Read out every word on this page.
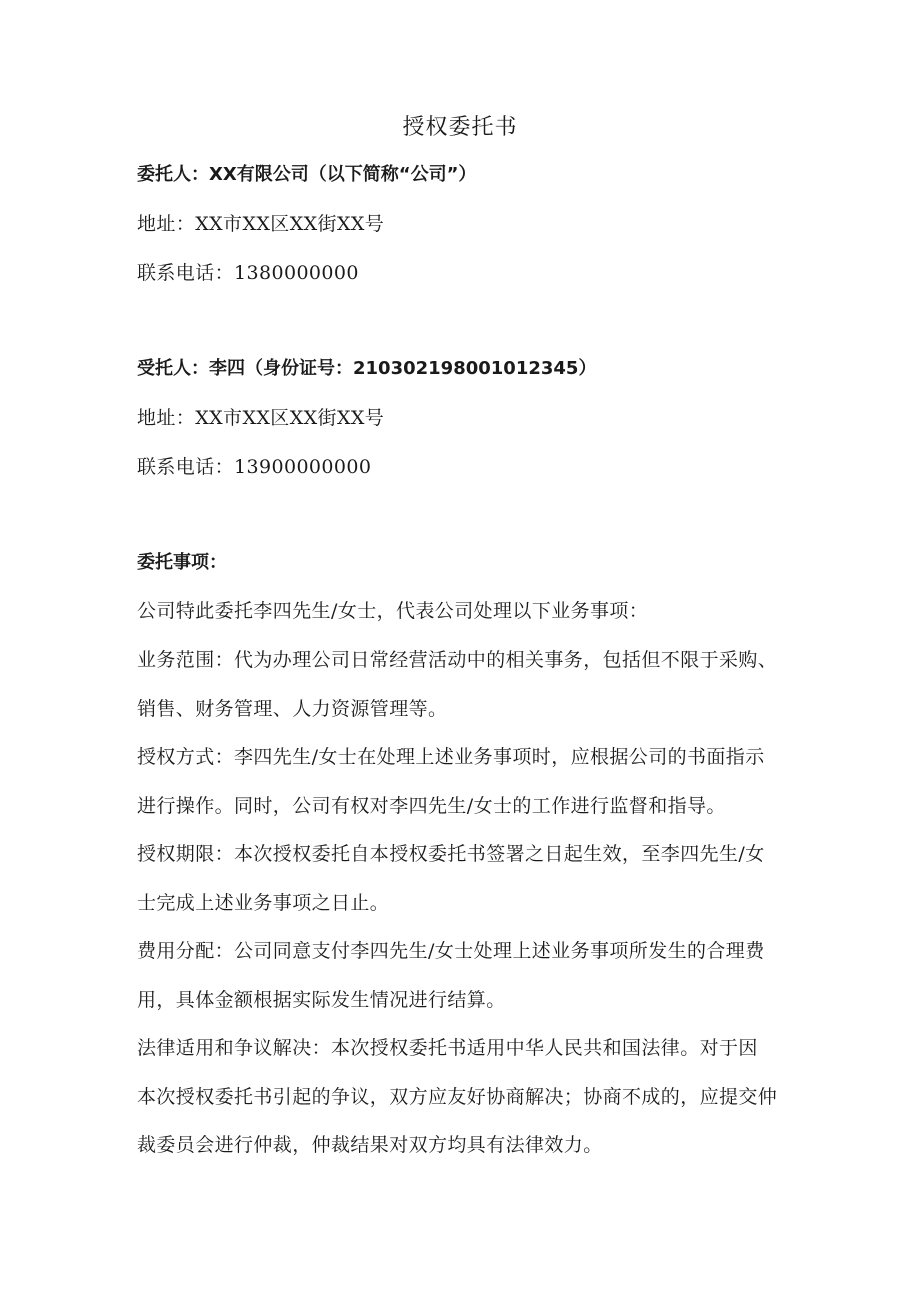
授权委托书
委托人：XX有限公司（以下简称“公司”）
地址：XX市XX区XX街XX号
联系电话：1380000000
受托人：李四（身份证号：210302198001012345）
地址：XX市XX区XX街XX号
联系电话：13900000000
委托事项：
公司特此委托李四先生/女士，代表公司处理以下业务事项：
业务范围：代为办理公司日常经营活动中的相关事务，包括但不限于采购、
销售、财务管理、人力资源管理等。
授权方式：李四先生/女士在处理上述业务事项时，应根据公司的书面指示
进行操作。同时，公司有权对李四先生/女士的工作进行监督和指导。
授权期限：本次授权委托自本授权委托书签署之日起生效，至李四先生/女
士完成上述业务事项之日止。
费用分配：公司同意支付李四先生/女士处理上述业务事项所发生的合理费
用，具体金额根据实际发生情况进行结算。
法律适用和争议解决：本次授权委托书适用中华人民共和国法律。对于因
本次授权委托书引起的争议，双方应友好协商解决；协商不成的，应提交仲
裁委员会进行仲裁，仲裁结果对双方均具有法律效力。
